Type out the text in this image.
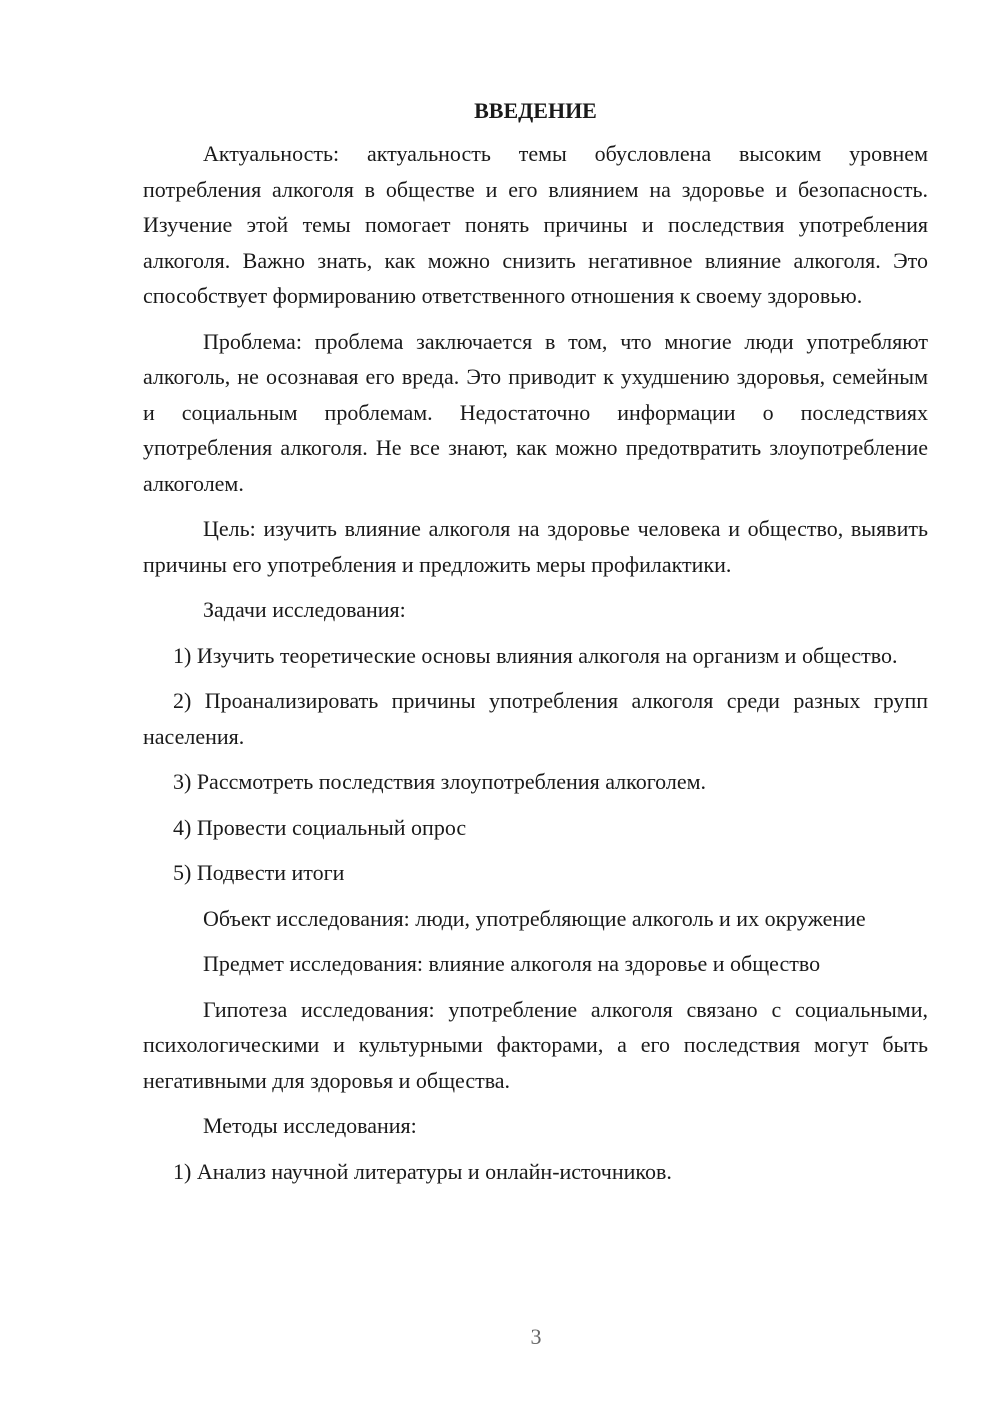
ВВЕДЕНИЕ

Актуальность: актуальность темы обусловлена высоким уровнем потребления алкоголя в обществе и его влиянием на здоровье и безопасность. Изучение этой темы помогает понять причины и последствия употребления алкоголя. Важно знать, как можно снизить негативное влияние алкоголя. Это способствует формированию ответственного отношения к своему здоровью.

Проблема: проблема заключается в том, что многие люди употребляют алкоголь, не осознавая его вреда. Это приводит к ухудшению здоровья, семейным и социальным проблемам. Недостаточно информации о последствиях употребления алкоголя. Не все знают, как можно предотвратить злоупотребление алкоголем.

Цель: изучить влияние алкоголя на здоровье человека и общество, выявить причины его употребления и предложить меры профилактики.

Задачи исследования:

1) Изучить теоретические основы влияния алкоголя на организм и общество.

2) Проанализировать причины употребления алкоголя среди разных групп населения.

3) Рассмотреть последствия злоупотребления алкоголем.

4) Провести социальный опрос

5) Подвести итоги

Объект исследования: люди, употребляющие алкоголь и их окружение

Предмет исследования: влияние алкоголя на здоровье и общество

Гипотеза исследования: употребление алкоголя связано с социальными, психологическими и культурными факторами, а его последствия могут быть негативными для здоровья и общества.

Методы исследования:

1) Анализ научной литературы и онлайн-источников.

3
